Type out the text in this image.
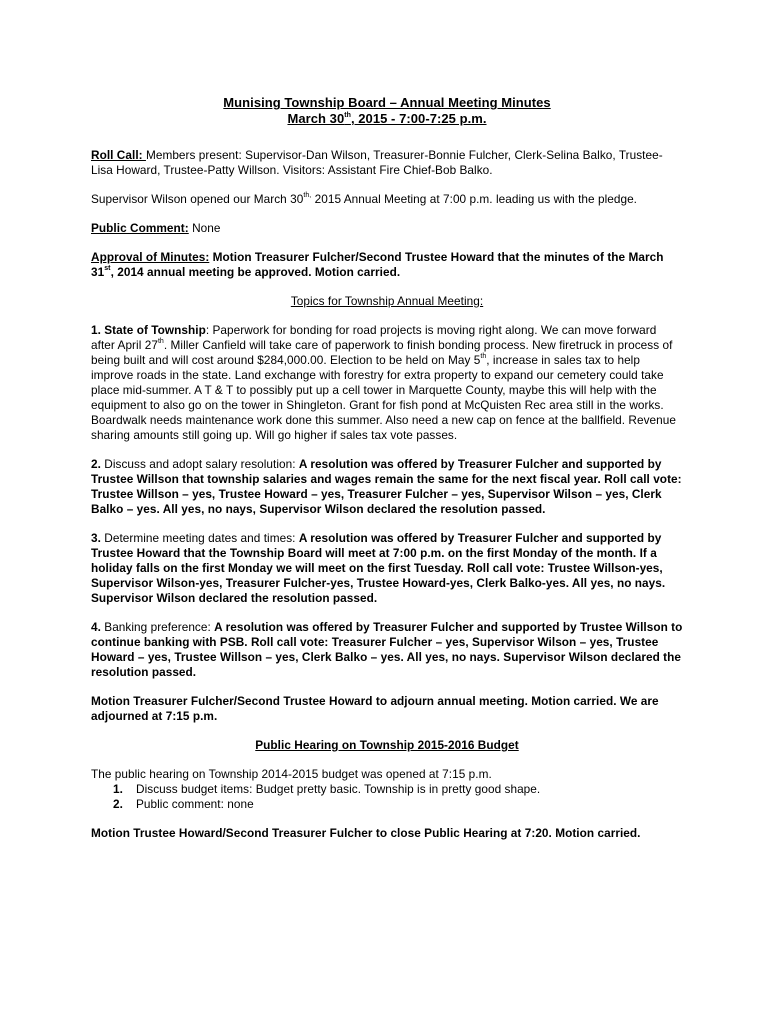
Munising Township Board – Annual Meeting Minutes
March 30th, 2015 - 7:00-7:25 p.m.

Roll Call: Members present: Supervisor-Dan Wilson, Treasurer-Bonnie Fulcher, Clerk-Selina Balko, Trustee-Lisa Howard, Trustee-Patty Willson. Visitors: Assistant Fire Chief-Bob Balko.

Supervisor Wilson opened our March $30^{th,}$ 2015 Annual Meeting at 7:00 p.m. leading us with the pledge.

Public Comment: None

Approval of Minutes: Motion Treasurer Fulcher/Second Trustee Howard that the minutes of the March 31st, 2014 annual meeting be approved. Motion carried.

Topics for Township Annual Meeting:

1. State of Township: Paperwork for bonding for road projects is moving right along. We can move forward after April 27th. Miller Canfield will take care of paperwork to finish bonding process. New firetruck in process of being built and will cost around $284,000.00. Election to be held on May 5th, increase in sales tax to help improve roads in the state. Land exchange with forestry for extra property to expand our cemetery could take place mid-summer. A T & T to possibly put up a cell tower in Marquette County, maybe this will help with the equipment to also go on the tower in Shingleton. Grant for fish pond at McQuisten Rec area still in the works. Boardwalk needs maintenance work done this summer. Also need a new cap on fence at the ballfield. Revenue sharing amounts still going up. Will go higher if sales tax vote passes.

2. Discuss and adopt salary resolution: A resolution was offered by Treasurer Fulcher and supported by Trustee Willson that township salaries and wages remain the same for the next fiscal year. Roll call vote: Trustee Willson – yes, Trustee Howard – yes, Treasurer Fulcher – yes, Supervisor Wilson – yes, Clerk Balko – yes. All yes, no nays, Supervisor Wilson declared the resolution passed.

3. Determine meeting dates and times: A resolution was offered by Treasurer Fulcher and supported by Trustee Howard that the Township Board will meet at 7:00 p.m. on the first Monday of the month. If a holiday falls on the first Monday we will meet on the first Tuesday. Roll call vote: Trustee Willson-yes, Supervisor Wilson-yes, Treasurer Fulcher-yes, Trustee Howard-yes, Clerk Balko-yes. All yes, no nays. Supervisor Wilson declared the resolution passed.

4. Banking preference: A resolution was offered by Treasurer Fulcher and supported by Trustee Willson to continue banking with PSB. Roll call vote: Treasurer Fulcher – yes, Supervisor Wilson – yes, Trustee Howard – yes, Trustee Willson – yes, Clerk Balko – yes. All yes, no nays. Supervisor Wilson declared the resolution passed.

Motion Treasurer Fulcher/Second Trustee Howard to adjourn annual meeting. Motion carried. We are adjourned at 7:15 p.m.

Public Hearing on Township 2015-2016 Budget

The public hearing on Township 2014-2015 budget was opened at 7:15 p.m.

1. Discuss budget items: Budget pretty basic. Township is in pretty good shape.
2. Public comment: none

Motion Trustee Howard/Second Treasurer Fulcher to close Public Hearing at 7:20. Motion carried.
